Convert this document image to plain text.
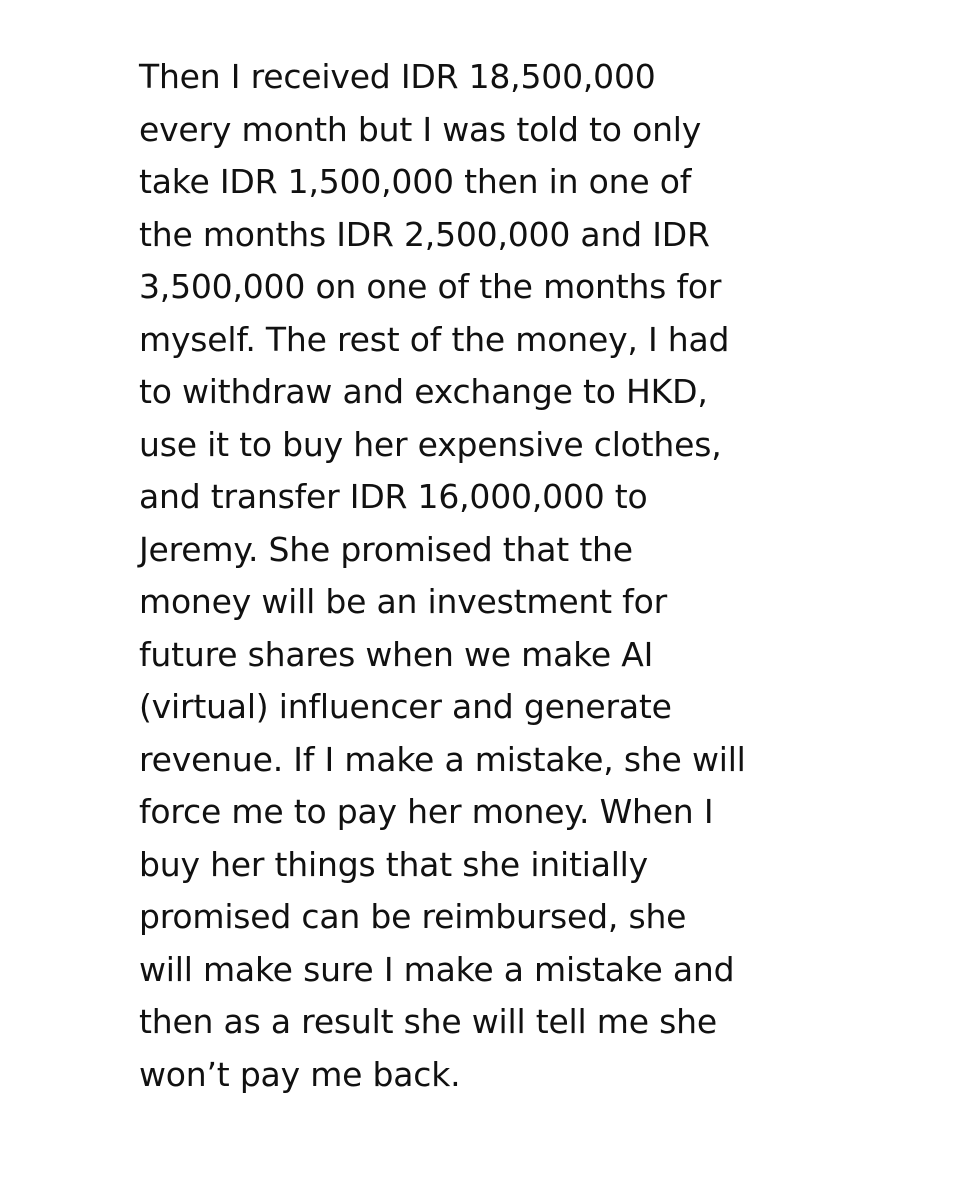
Then I received IDR 18,500,000
every month but I was told to only
take IDR 1,500,000 then in one of
the months IDR 2,500,000 and IDR
3,500,000 on one of the months for
myself. The rest of the money, I had
to withdraw and exchange to HKD,
use it to buy her expensive clothes,
and transfer IDR 16,000,000 to
Jeremy. She promised that the
money will be an investment for
future shares when we make AI
(virtual) influencer and generate
revenue. If I make a mistake, she will
force me to pay her money. When I
buy her things that she initially
promised can be reimbursed, she
will make sure I make a mistake and
then as a result she will tell me she
won’t pay me back.
